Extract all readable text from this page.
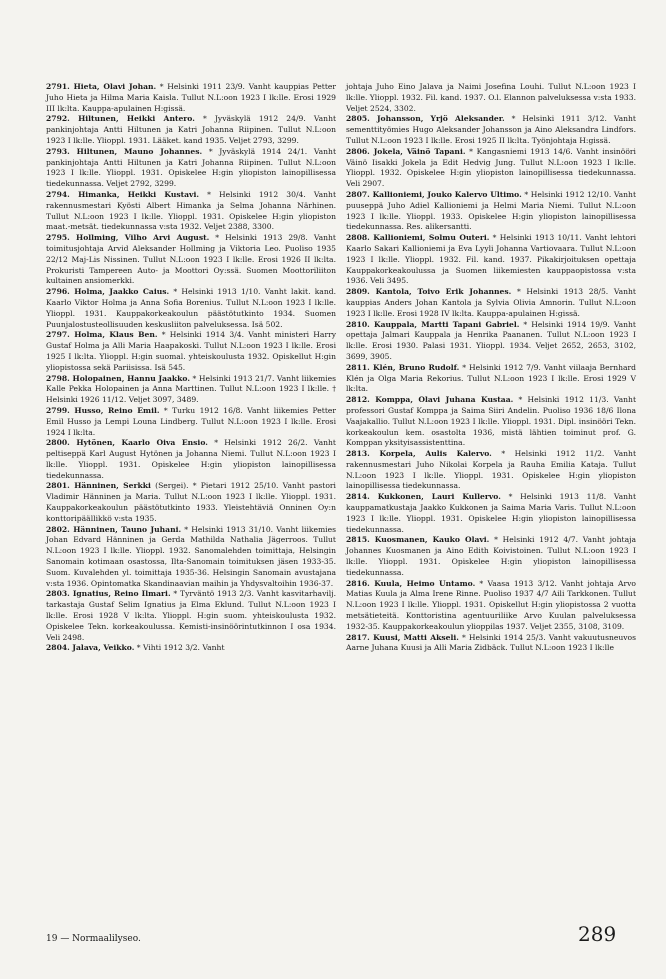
2791. Hieta, Olavi Johan. * Helsinki 1911 23/9. Vanht kauppias Petter Juho Hieta ja Hilma Maria Kaisla. Tullut N.L:oon 1923 I lk:lle. Erosi 1929 III lk:lta. Kauppa-apulainen H:gissä.

2792. Hiltunen, Heikki Antero. * Jyväskylä 1912 24/9. Vanht pankinjohtaja Antti Hiltunen ja Katri Johanna Riipinen. Tullut N.L:oon 1923 I lk:lle. Ylioppl. 1931. Lääket. kand 1935. Veljet 2793, 3299.

2793. Hiltunen, Mauno Johannes. * Jyväskylä 1914 24/1. Vanht pankinjohtaja Antti Hiltunen ja Katri Johanna Riipinen. Tullut N.L:oon 1923 I lk:lle. Ylioppl. 1931. Opiskelee H:gin yliopiston lainopillisessa tiedekunnassa. Veljet 2792, 3299.

2794. Himanka, Heikki Kustavi. * Helsinki 1912 30/4. Vanht rakennusmestari Kyösti Albert Himanka ja Selma Johanna Närhinen. Tullut N.L:oon 1923 I lk:lle. Ylioppl. 1931. Opiskelee H:gin yliopiston maat.-metsät. tiedekunnassa v:sta 1932. Veljet 2388, 3300.

2795. Hollming, Vilho Arvi August. * Helsinki 1913 29/8. Vanht toimitusjohtaja Arvid Aleksander Hollming ja Viktoria Leo. Puoliso 1935 22/12 Maj-Lis Nissinen. Tullut N.L:oon 1923 I lk:lle. Erosi 1926 II lk:lta. Prokuristi Tampereen Auto- ja Moottori Oy:ssä. Suomen Moottoriliiton kultainen ansiomerkki.

2796. Holma, Jaakko Caius. * Helsinki 1913 1/10. Vanht lakit. kand. Kaarlo Viktor Holma ja Anna Sofia Borenius. Tullut N.L:oon 1923 I lk:lle. Ylioppl. 1931. Kauppakorkeakoulun päästötutkinto 1934. Suomen Puunjalostusteollisuuden keskusliiton palveluksessa. Isä 502.

2797. Holma, Klaus Ben. * Helsinki 1914 3/4. Vanht ministeri Harry Gustaf Holma ja Alli Maria Haapakoski. Tullut N.L:oon 1923 I lk:lle. Erosi 1925 I lk:lta. Ylioppl. H:gin suomal. yhteiskoulusta 1932. Opiskellut H:gin yliopistossa sekä Pariisissa. Isä 545.

2798. Holopainen, Hannu Jaakko. * Helsinki 1913 21/7. Vanht liikemies Kalle Pekka Holopainen ja Anna Marttinen. Tullut N.L:oon 1923 I lk:lle. † Helsinki 1926 11/12. Veljet 3097, 3489.

2799. Husso, Reino Emil. * Turku 1912 16/8. Vanht liikemies Petter Emil Husso ja Lempi Louna Lindberg. Tullut N.L:oon 1923 I lk:lle. Erosi 1924 I lk:lta.

2800. Hytönen, Kaarlo Oiva Ensio. * Helsinki 1912 26/2. Vanht peltiseppä Karl August Hytönen ja Johanna Niemi. Tullut N.L:oon 1923 I lk:lle. Ylioppl. 1931. Opiskelee H:gin yliopiston lainopillisessa tiedekunnassa.

2801. Hänninen, Serkki (Sergei). * Pietari 1912 25/10. Vanht pastori Vladimir Hänninen ja Maria. Tullut N.L:oon 1923 I lk:lle. Ylioppl. 1931. Kauppakorkeakoulun päästötutkinto 1933. Yleistehtäviä Onninen Oy:n konttoripäällikkö v:sta 1935.

2802. Hänninen, Tauno Juhani. * Helsinki 1913 31/10. Vanht liikemies Johan Edvard Hänninen ja Gerda Mathilda Nathalia Jägerroos. Tullut N.L:oon 1923 I lk:lle. Ylioppl. 1932. Sanomalehden toimittaja, Helsingin Sanomain kotimaan osastossa, Ilta-Sanomain toimituksen jäsen 1933-35. Suom. Kuvalehden yl. toimittaja 1935-36. Helsingin Sanomain avustajana v:sta 1936. Opintomatka Skandinaavian maihin ja Yhdysvaltoihin 1936-37.

2803. Ignatius, Reino Ilmari. * Tyrväntö 1913 2/3. Vanht kasvitarhavilj. tarkastaja Gustaf Selim Ignatius ja Elma Eklund. Tullut N.L:oon 1923 I lk:lle. Erosi 1928 V lk:lta. Ylioppl. H:gin suom. yhteiskoulusta 1932. Opiskelee Tekn. korkeakoulussa. Kemisti-insinöörintutkinnon I osa 1934. Veli 2498.

2804. Jalava, Veikko. * Vihti 1912 3/2. Vanht

johtaja Juho Eino Jalava ja Naimi Josefina Louhi. Tullut N.L:oon 1923 I lk:lle. Ylioppl. 1932. Fil. kand. 1937. O.l. Elannon palveluksessa v:sta 1933. Veljet 2524, 3302.

2805. Johansson, Yrjö Aleksander. * Helsinki 1911 3/12. Vanht sementtityömies Hugo Aleksander Johansson ja Aino Aleksandra Lindfors. Tullut N.L:oon 1923 I lk:lle. Erosi 1925 II lk:lta. Työnjohtaja H:gissä.

2806. Jokela, Väinö Tapani. * Kangasniemi 1913 14/6. Vanht insinööri Väinö Iisakki Jokela ja Edit Hedvig Jung. Tullut N.L:oon 1923 I lk:lle. Ylioppl. 1932. Opiskelee H:gin yliopiston lainopillisessa tiedekunnassa. Veli 2907.

2807. Kallioniemi, Jouko Kalervo Ultimo. * Helsinki 1912 12/10. Vanht puuseppä Juho Adiel Kallioniemi ja Helmi Maria Niemi. Tullut N.L:oon 1923 I lk:lle. Ylioppl. 1933. Opiskelee H:gin yliopiston lainopillisessa tiedekunnassa. Res. alikersantti.

2808. Kallioniemi, Solmu Outeri. * Helsinki 1913 10/11. Vanht lehtori Kaarlo Sakari Kallioniemi ja Eva Lyyli Johanna Vartiovaara. Tullut N.L:oon 1923 I lk:lle. Ylioppl. 1932. Fil. kand. 1937. Pikakirjoituksen opettaja Kauppakorkeakoulussa ja Suomen liikemiesten kauppaopistossa v:sta 1936. Veli 3495.

2809. Kantola, Toivo Erik Johannes. * Helsinki 1913 28/5. Vanht kauppias Anders Johan Kantola ja Sylvia Olivia Amnorin. Tullut N.L:oon 1923 I lk:lle. Erosi 1928 IV lk:lta. Kauppa-apulainen H:gissä.

2810. Kauppala, Martti Tapani Gabriel. * Helsinki 1914 19/9. Vanht opettaja Jalmari Kauppala ja Henrika Paananen. Tullut N.L:oon 1923 I lk:lle. Erosi 1930. Palasi 1931. Ylioppl. 1934. Veljet 2652, 2653, 3102, 3699, 3905.

2811. Klén, Bruno Rudolf. * Helsinki 1912 7/9. Vanht viilaaja Bernhard Klén ja Olga Maria Rekorius. Tullut N.L:oon 1923 I lk:lle. Erosi 1929 V lk:lta.

2812. Komppa, Olavi Juhana Kustaa. * Helsinki 1912 11/3. Vanht professori Gustaf Komppa ja Saima Siiri Andelin. Puoliso 1936 18/6 Ilona Vaajakallio. Tullut N.L:oon 1923 I lk:lle. Ylioppl. 1931. Dipl. insinööri Tekn. korkeakoulun kem. osastolta 1936, mistä lähtien toiminut prof. G. Komppan yksityisassistenttina.

2813. Korpela, Aulis Kalervo. * Helsinki 1912 11/2. Vanht rakennusmestari Juho Nikolai Korpela ja Rauha Emilia Kataja. Tullut N.L:oon 1923 I lk:lle. Ylioppl. 1931. Opiskelee H:gin yliopiston lainopillisessa tiedekunnassa.

2814. Kukkonen, Lauri Kullervo. * Helsinki 1913 11/8. Vanht kauppamatkustaja Jaakko Kukkonen ja Saima Maria Varis. Tullut N.L:oon 1923 I lk:lle. Ylioppl. 1931. Opiskelee H:gin yliopiston lainopillisessa tiedekunnassa.

2815. Kuosmanen, Kauko Olavi. * Helsinki 1912 4/7. Vanht johtaja Johannes Kuosmanen ja Aino Edith Koivistoinen. Tullut N.L:oon 1923 I lk:lle. Ylioppl. 1931. Opiskelee H:gin yliopiston lainopillisessa tiedekunnassa.

2816. Kuula, Heimo Untamo. * Vaasa 1913 3/12. Vanht johtaja Arvo Matias Kuula ja Alma Irene Rinne. Puoliso 1937 4/7 Aili Tarkkonen. Tullut N.L:oon 1923 I lk:lle. Ylioppl. 1931. Opiskellut H:gin yliopistossa 2 vuotta metsätieteitä. Konttoristina agentuuriliike Arvo Kuulan palveluksessa 1932-35. Kauppakorkeakoulun ylioppilas 1937. Veljet 2355, 3108, 3109.

2817. Kuusi, Matti Akseli. * Helsinki 1914 25/3. Vanht vakuutusneuvos Aarne Juhana Kuusi ja Alli Maria Zidbäck. Tullut N.L:oon 1923 I lk:lle

19 — Normaalilyseo.	289
